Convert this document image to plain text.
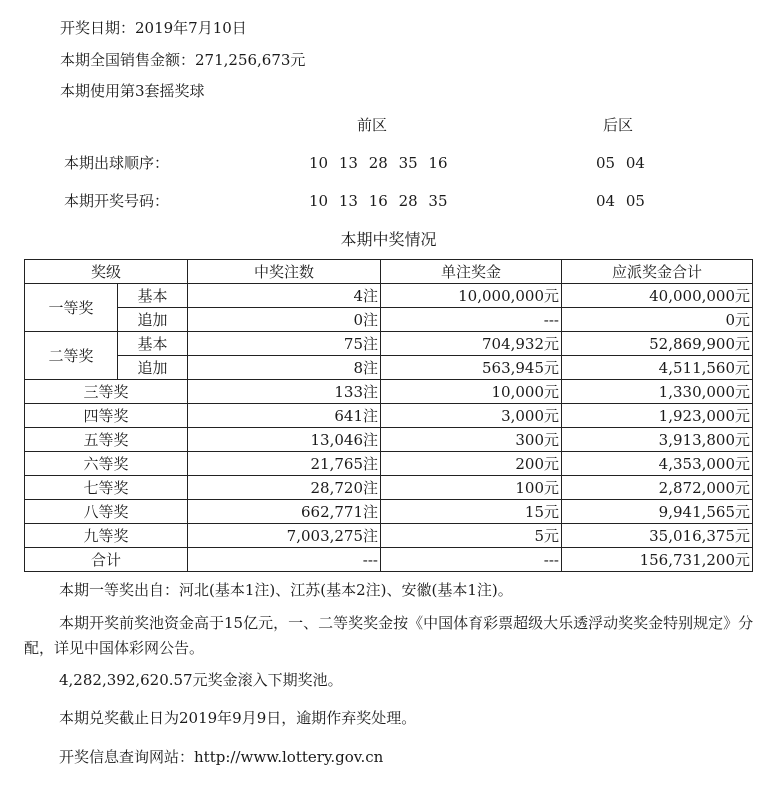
开奖日期：2019年7月10日
本期全国销售金额：271,256,673元
本期使用第3套摇奖球
前区	后区
本期出球顺序：	10 13 28 35 16	05 04
本期开奖号码：	10 13 16 28 35	04 05
本期中奖情况
奖级		中奖注数	单注奖金	应派奖金合计
一等奖	基本	4注	10,000,000元	40,000,000元
	追加	0注	---	0元
二等奖	基本	75注	704,932元	52,869,900元
	追加	8注	563,945元	4,511,560元
三等奖		133注	10,000元	1,330,000元
四等奖		641注	3,000元	1,923,000元
五等奖		13,046注	300元	3,913,800元
六等奖		21,765注	200元	4,353,000元
七等奖		28,720注	100元	2,872,000元
八等奖		662,771注	15元	9,941,565元
九等奖		7,003,275注	5元	35,016,375元
合计		---	---	156,731,200元
本期一等奖出自：河北(基本1注)、江苏(基本2注)、安徽(基本1注)。
本期开奖前奖池资金高于15亿元，一、二等奖奖金按《中国体育彩票超级大乐透浮动奖奖金特别规定》分配，详见中国体彩网公告。
4,282,392,620.57元奖金滚入下期奖池。
本期兑奖截止日为2019年9月9日，逾期作弃奖处理。
开奖信息查询网站：http://www.lottery.gov.cn
